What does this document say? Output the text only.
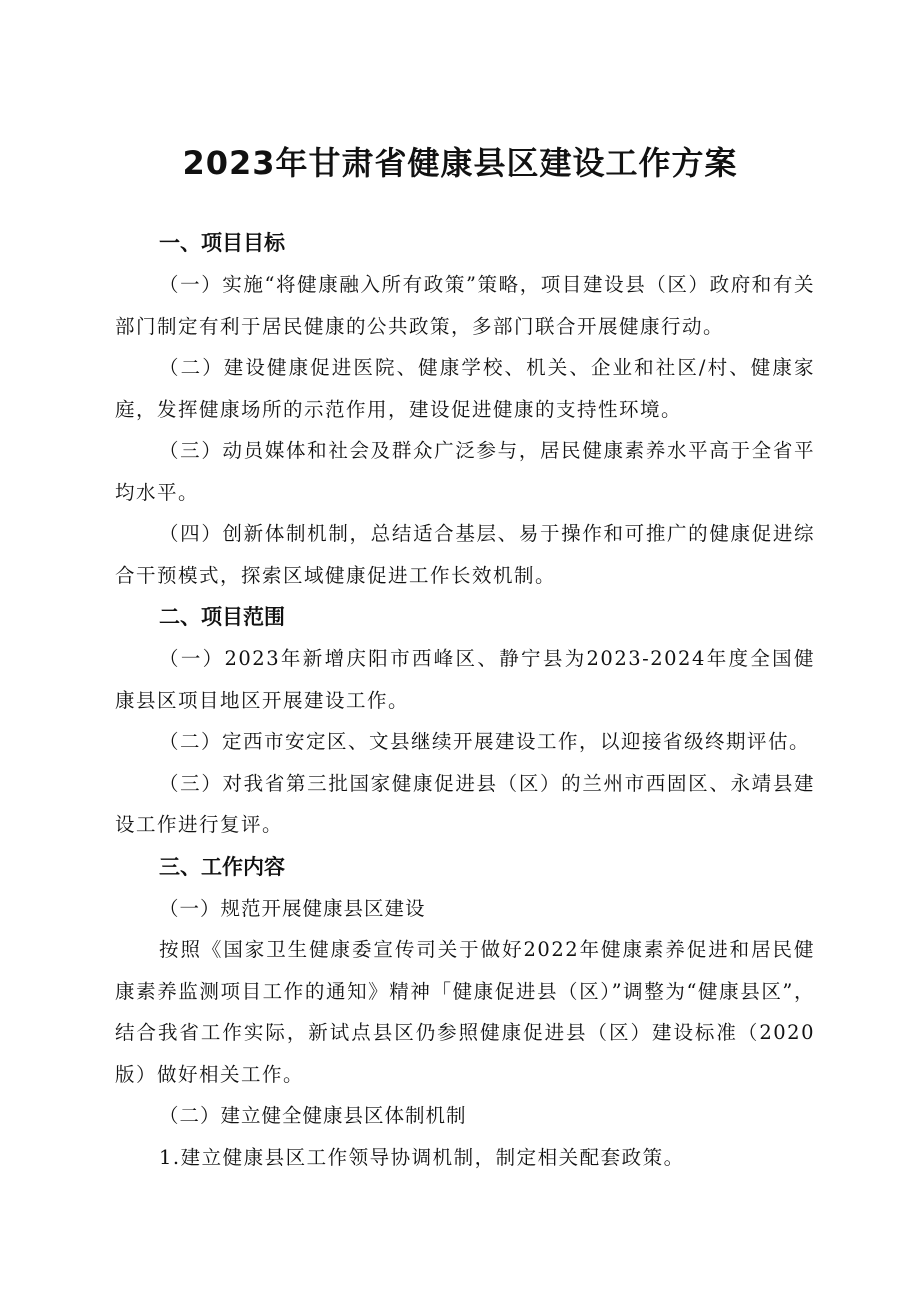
2023年甘肃省健康县区建设工作方案
一、项目目标

（一）实施“将健康融入所有政策”策略，项目建设县（区）政府和有关部门制定有利于居民健康的公共政策，多部门联合开展健康行动。

（二）建设健康促进医院、健康学校、机关、企业和社区/村、健康家庭，发挥健康场所的示范作用，建设促进健康的支持性环境。

（三）动员媒体和社会及群众广泛参与，居民健康素养水平高于全省平均水平。

（四）创新体制机制，总结适合基层、易于操作和可推广的健康促进综合干预模式，探索区域健康促进工作长效机制。

二、项目范围

（一）2023年新增庆阳市西峰区、静宁县为2023-2024年度全国健康县区项目地区开展建设工作。

（二）定西市安定区、文县继续开展建设工作，以迎接省级终期评估。

（三）对我省第三批国家健康促进县（区）的兰州市西固区、永靖县建设工作进行复评。

三、工作内容

（一）规范开展健康县区建设

按照《国家卫生健康委宣传司关于做好2022年健康素养促进和居民健康素养监测项目工作的通知》精神「健康促进县（区）”调整为“健康县区”，结合我省工作实际，新试点县区仍参照健康促进县（区）建设标准（2020版）做好相关工作。

（二）建立健全健康县区体制机制

1.建立健康县区工作领导协调机制，制定相关配套政策。
